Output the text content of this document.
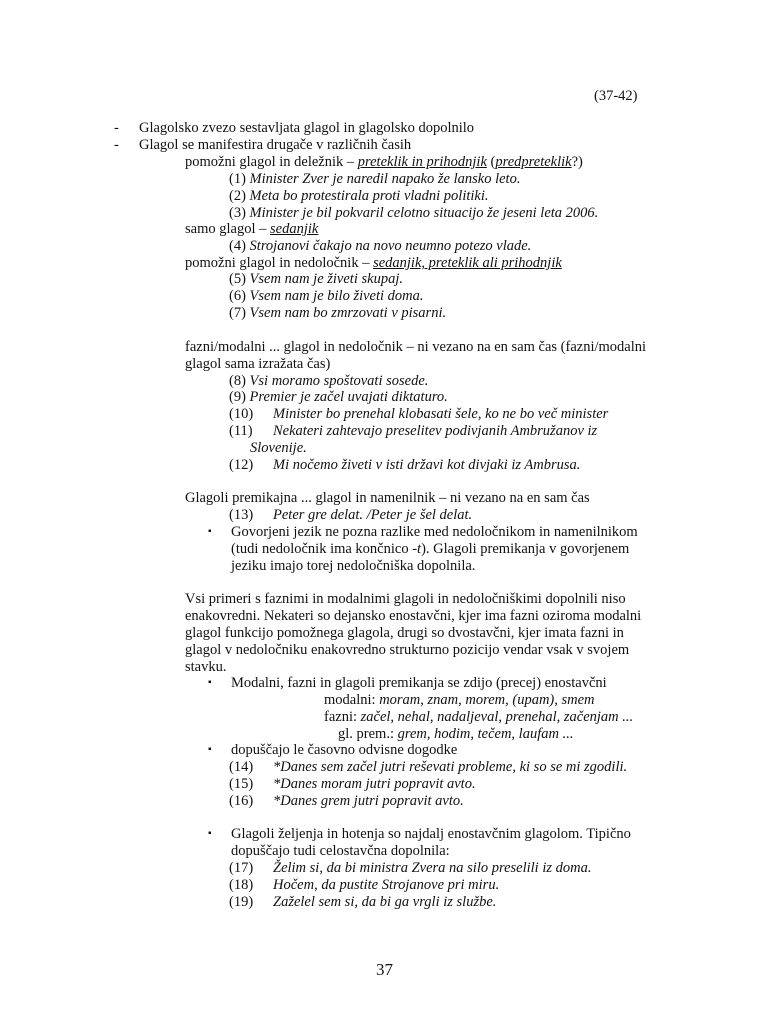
(37-42)
- Glagolsko zvezo sestavljata glagol in glagolsko dopolnilo
- Glagol se manifestira drugače v različnih časih
pomožni glagol in deležnik – preteklik in prihodnjik (predpreteklik?)
(1) Minister Zver je naredil napako že lansko leto.
(2) Meta bo protestirala proti vladni politiki.
(3) Minister je bil pokvaril celotno situacijo že jeseni leta 2006.
samo glagol – sedanjik
(4) Strojanovi čakajo na novo neumno potezo vlade.
pomožni glagol in nedoločnik – sedanjik, preteklik ali prihodnjik
(5) Vsem nam je živeti skupaj.
(6) Vsem nam je bilo živeti doma.
(7) Vsem nam bo zmrzovati v pisarni.
fazni/modalni ... glagol in nedoločnik – ni vezano na en sam čas (fazni/modalni
glagol sama izražata čas)
(8) Vsi moramo spoštovati sosede.
(9) Premier je začel uvajati diktaturo.
(10) Minister bo prenehal klobasati šele, ko ne bo več minister
(11) Nekateri zahtevajo preselitev podivjanih Ambružanov iz
Slovenije.
(12) Mi nočemo živeti v isti državi kot divjaki iz Ambrusa.
Glagoli premikajna ... glagol in namenilnik – ni vezano na en sam čas
(13) Peter gre delat. /Peter je šel delat.
▪ Govorjeni jezik ne pozna razlike med nedoločnikom in namenilnikom
(tudi nedoločnik ima končnico -t). Glagoli premikanja v govorjenem
jeziku imajo torej nedoločniška dopolnila.
Vsi primeri s faznimi in modalnimi glagoli in nedoločniškimi dopolnili niso
enakovredni. Nekateri so dejansko enostavčni, kjer ima fazni oziroma modalni
glagol funkcijo pomožnega glagola, drugi so dvostavčni, kjer imata fazni in
glagol v nedoločniku enakovredno strukturno pozicijo vendar vsak v svojem
stavku.
▪ Modalni, fazni in glagoli premikanja se zdijo (precej) enostavčni
modalni: moram, znam, morem, (upam), smem
fazni: začel, nehal, nadaljeval, prenehal, začenjam ...
gl. prem.: grem, hodim, tečem, laufam ...
▪ dopuščajo le časovno odvisne dogodke
(14) *Danes sem začel jutri reševati probleme, ki so se mi zgodili.
(15) *Danes moram jutri popravit avto.
(16) *Danes grem jutri popravit avto.
▪ Glagoli željenja in hotenja so najdalj enostavčnim glagolom. Tipično
dopuščajo tudi celostavčna dopolnila:
(17) Želim si, da bi ministra Zvera na silo preselili iz doma.
(18) Hočem, da pustite Strojanove pri miru.
(19) Zaželel sem si, da bi ga vrgli iz službe.
37
